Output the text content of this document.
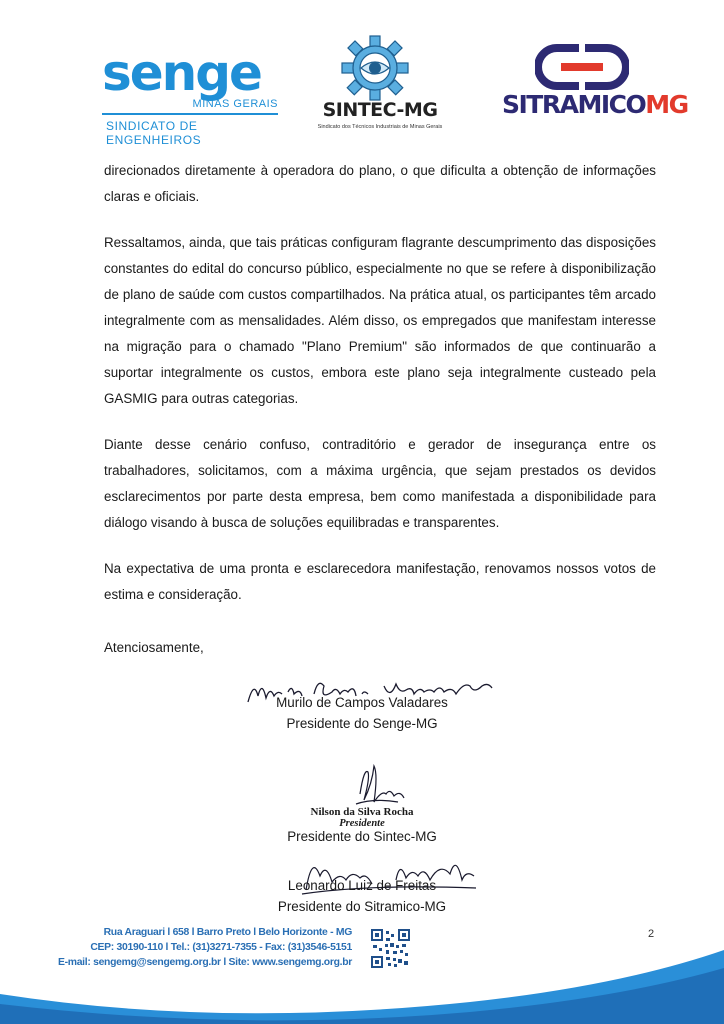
senge
MINAS GERAIS
SINDICATO DE ENGENHEIROS
SINTEC-MG
Sindicato dos Técnicos Industriais de Minas Gerais
SITRAMICOMG

direcionados diretamente à operadora do plano, o que dificulta a obtenção de informações claras e oficiais.

Ressaltamos, ainda, que tais práticas configuram flagrante descumprimento das disposições constantes do edital do concurso público, especialmente no que se refere à disponibilização de plano de saúde com custos compartilhados. Na prática atual, os participantes têm arcado integralmente com as mensalidades. Além disso, os empregados que manifestam interesse na migração para o chamado "Plano Premium" são informados de que continuarão a suportar integralmente os custos, embora este plano seja integralmente custeado pela GASMIG para outras categorias.

Diante desse cenário confuso, contraditório e gerador de insegurança entre os trabalhadores, solicitamos, com a máxima urgência, que sejam prestados os devidos esclarecimentos por parte desta empresa, bem como manifestada a disponibilidade para diálogo visando à busca de soluções equilibradas e transparentes.

Na expectativa de uma pronta e esclarecedora manifestação, renovamos nossos votos de estima e consideração.

Atenciosamente,
Murilo de Campos Valadares
Presidente do Senge-MG
Nilson da Silva Rocha
Presidente
Presidente do Sintec-MG
Leonardo Luiz de Freitas
Presidente do Sitramico-MG
Rua Araguari l 658 l Barro Preto l Belo Horizonte - MG
CEP: 30190-110 l Tel.: (31)3271-7355 - Fax: (31)3546-5151
E-mail: sengemg@sengemg.org.br l Site: www.sengemg.org.br
2
